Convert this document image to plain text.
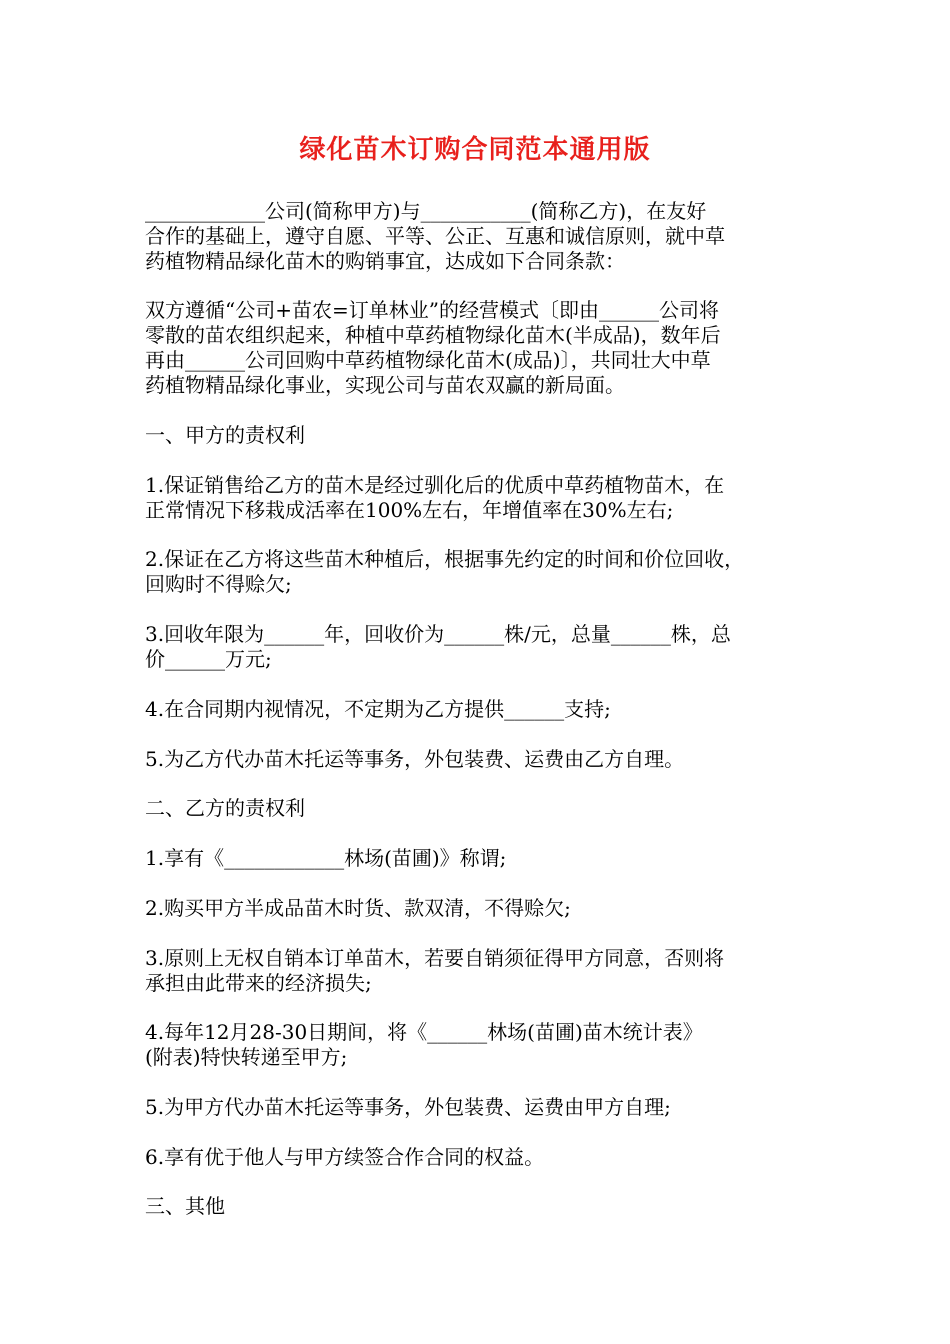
绿化苗木订购合同范本通用版
____________公司(简称甲方)与___________(简称乙方)，在友好
合作的基础上，遵守自愿、平等、公正、互惠和诚信原则，就中草
药植物精品绿化苗木的购销事宜，达成如下合同条款：
双方遵循“公司+苗农=订单林业”的经营模式〔即由______公司将
零散的苗农组织起来，种植中草药植物绿化苗木(半成品)，数年后
再由______公司回购中草药植物绿化苗木(成品)〕，共同壮大中草
药植物精品绿化事业，实现公司与苗农双赢的新局面。
一、甲方的责权利
1.保证销售给乙方的苗木是经过驯化后的优质中草药植物苗木，在
正常情况下移栽成活率在100%左右，年增值率在30%左右;
2.保证在乙方将这些苗木种植后，根据事先约定的时间和价位回收，
回购时不得赊欠;
3.回收年限为______年，回收价为______株/元，总量______株，总
价______万元;
4.在合同期内视情况，不定期为乙方提供______支持;
5.为乙方代办苗木托运等事务，外包装费、运费由乙方自理。
二、乙方的责权利
1.享有《____________林场(苗圃)》称谓;
2.购买甲方半成品苗木时货、款双清，不得赊欠;
3.原则上无权自销本订单苗木，若要自销须征得甲方同意，否则将
承担由此带来的经济损失;
4.每年12月28-30日期间，将《______林场(苗圃)苗木统计表》
(附表)特快转递至甲方;
5.为甲方代办苗木托运等事务，外包装费、运费由甲方自理;
6.享有优于他人与甲方续签合作合同的权益。
三、其他
